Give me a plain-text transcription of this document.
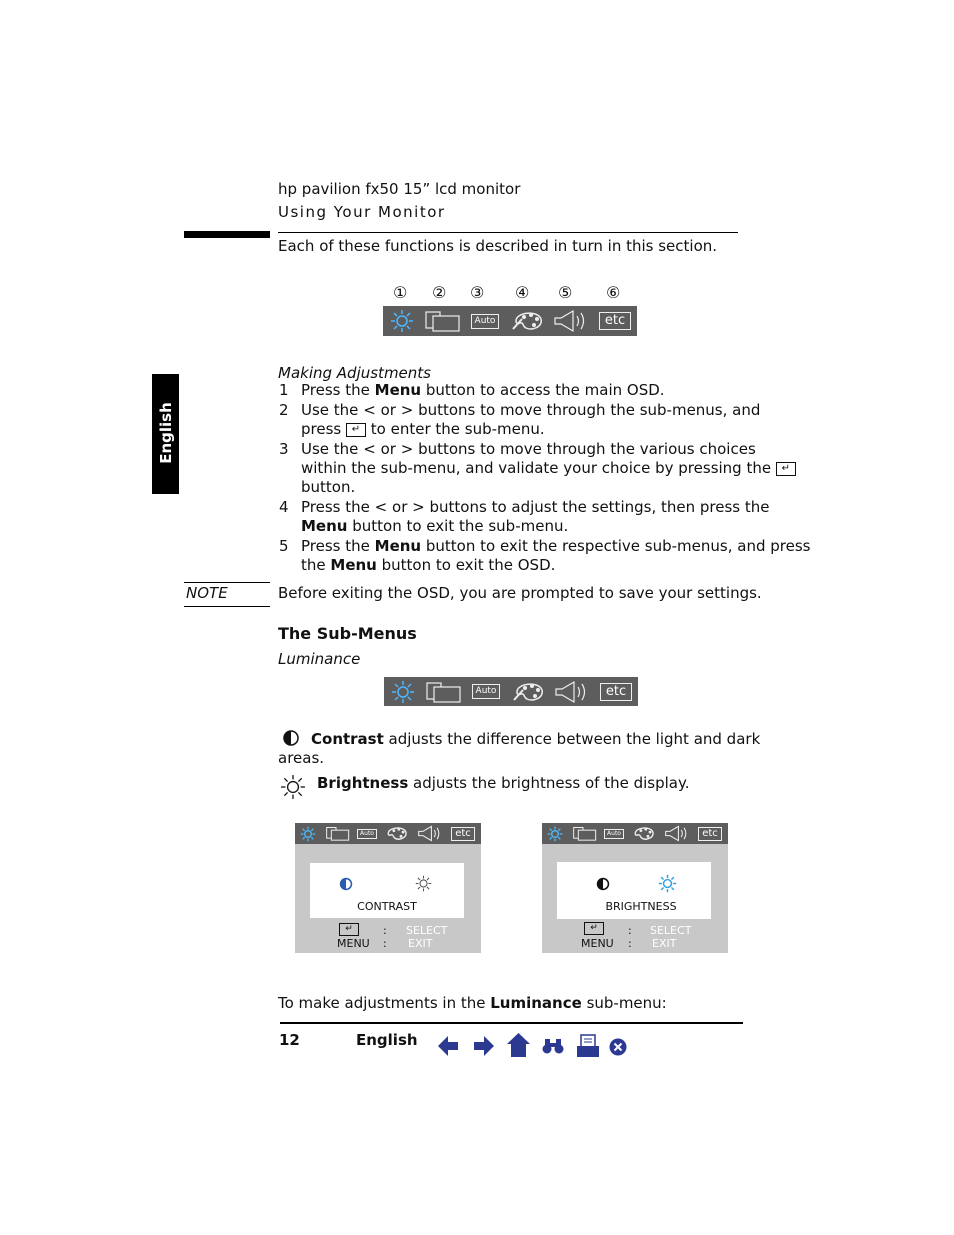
hp pavilion fx50 15” lcd monitor
Using Your Monitor
English
Each of these functions is described in turn in this section.
① ② ③ ④ ⑤ ⑥
Auto	etc
Making Adjustments
1 Press the Menu button to access the main OSD.
2 Use the < or > buttons to move through the sub-menus, and
press ↵ to enter the sub-menu.
3 Use the < or > buttons to move through the various choices
within the sub-menu, and validate your choice by pressing the ↵
button.
4 Press the < or > buttons to adjust the settings, then press the
Menu button to exit the sub-menu.
5 Press the Menu button to exit the respective sub-menus, and press
the Menu button to exit the OSD.
NOTE	Before exiting the OSD, you are prompted to save your settings.
The Sub-Menus
Luminance
Auto	etc
Contrast adjusts the difference between the light and dark
areas.
Brightness adjusts the brightness of the display.
Auto	etc
CONTRAST
↵	: SELECT
MENU : EXIT
Auto	etc
BRIGHTNESS
↵	: SELECT
MENU : EXIT
To make adjustments in the Luminance sub-menu:
12	English
